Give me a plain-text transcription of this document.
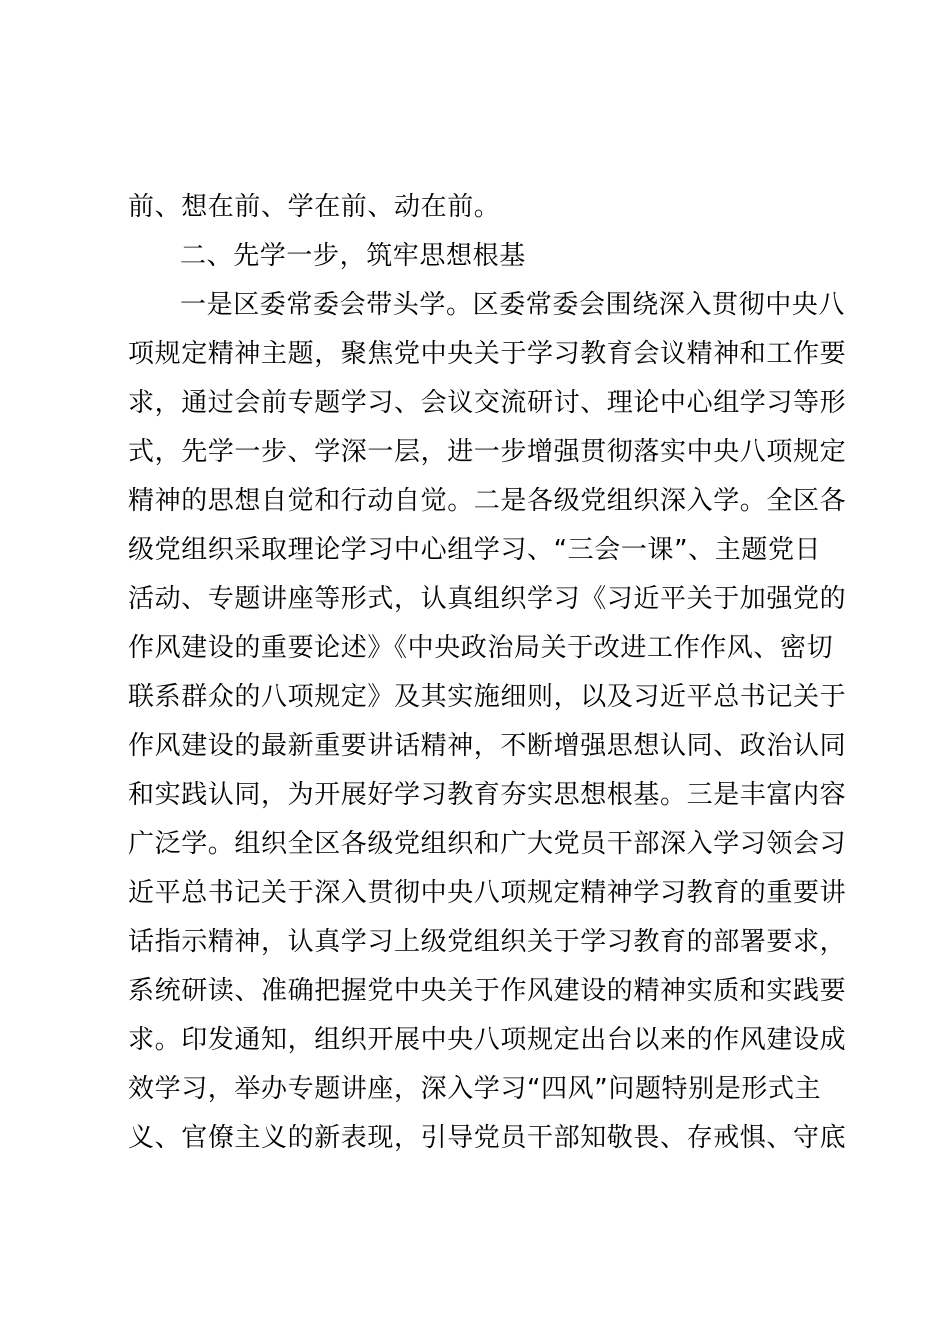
前、想在前、学在前、动在前。
二、先学一步，筑牢思想根基
一是区委常委会带头学。区委常委会围绕深入贯彻中央八
项规定精神主题，聚焦党中央关于学习教育会议精神和工作要
求，通过会前专题学习、会议交流研讨、理论中心组学习等形
式，先学一步、学深一层，进一步增强贯彻落实中央八项规定
精神的思想自觉和行动自觉。二是各级党组织深入学。全区各
级党组织采取理论学习中心组学习、“三会一课”、主题党日
活动、专题讲座等形式，认真组织学习《习近平关于加强党的
作风建设的重要论述》《中央政治局关于改进工作作风、密切
联系群众的八项规定》及其实施细则，以及习近平总书记关于
作风建设的最新重要讲话精神，不断增强思想认同、政治认同
和实践认同，为开展好学习教育夯实思想根基。三是丰富内容
广泛学。组织全区各级党组织和广大党员干部深入学习领会习
近平总书记关于深入贯彻中央八项规定精神学习教育的重要讲
话指示精神，认真学习上级党组织关于学习教育的部署要求，
系统研读、准确把握党中央关于作风建设的精神实质和实践要
求。印发通知，组织开展中央八项规定出台以来的作风建设成
效学习，举办专题讲座，深入学习“四风”问题特别是形式主
义、官僚主义的新表现，引导党员干部知敬畏、存戒惧、守底
